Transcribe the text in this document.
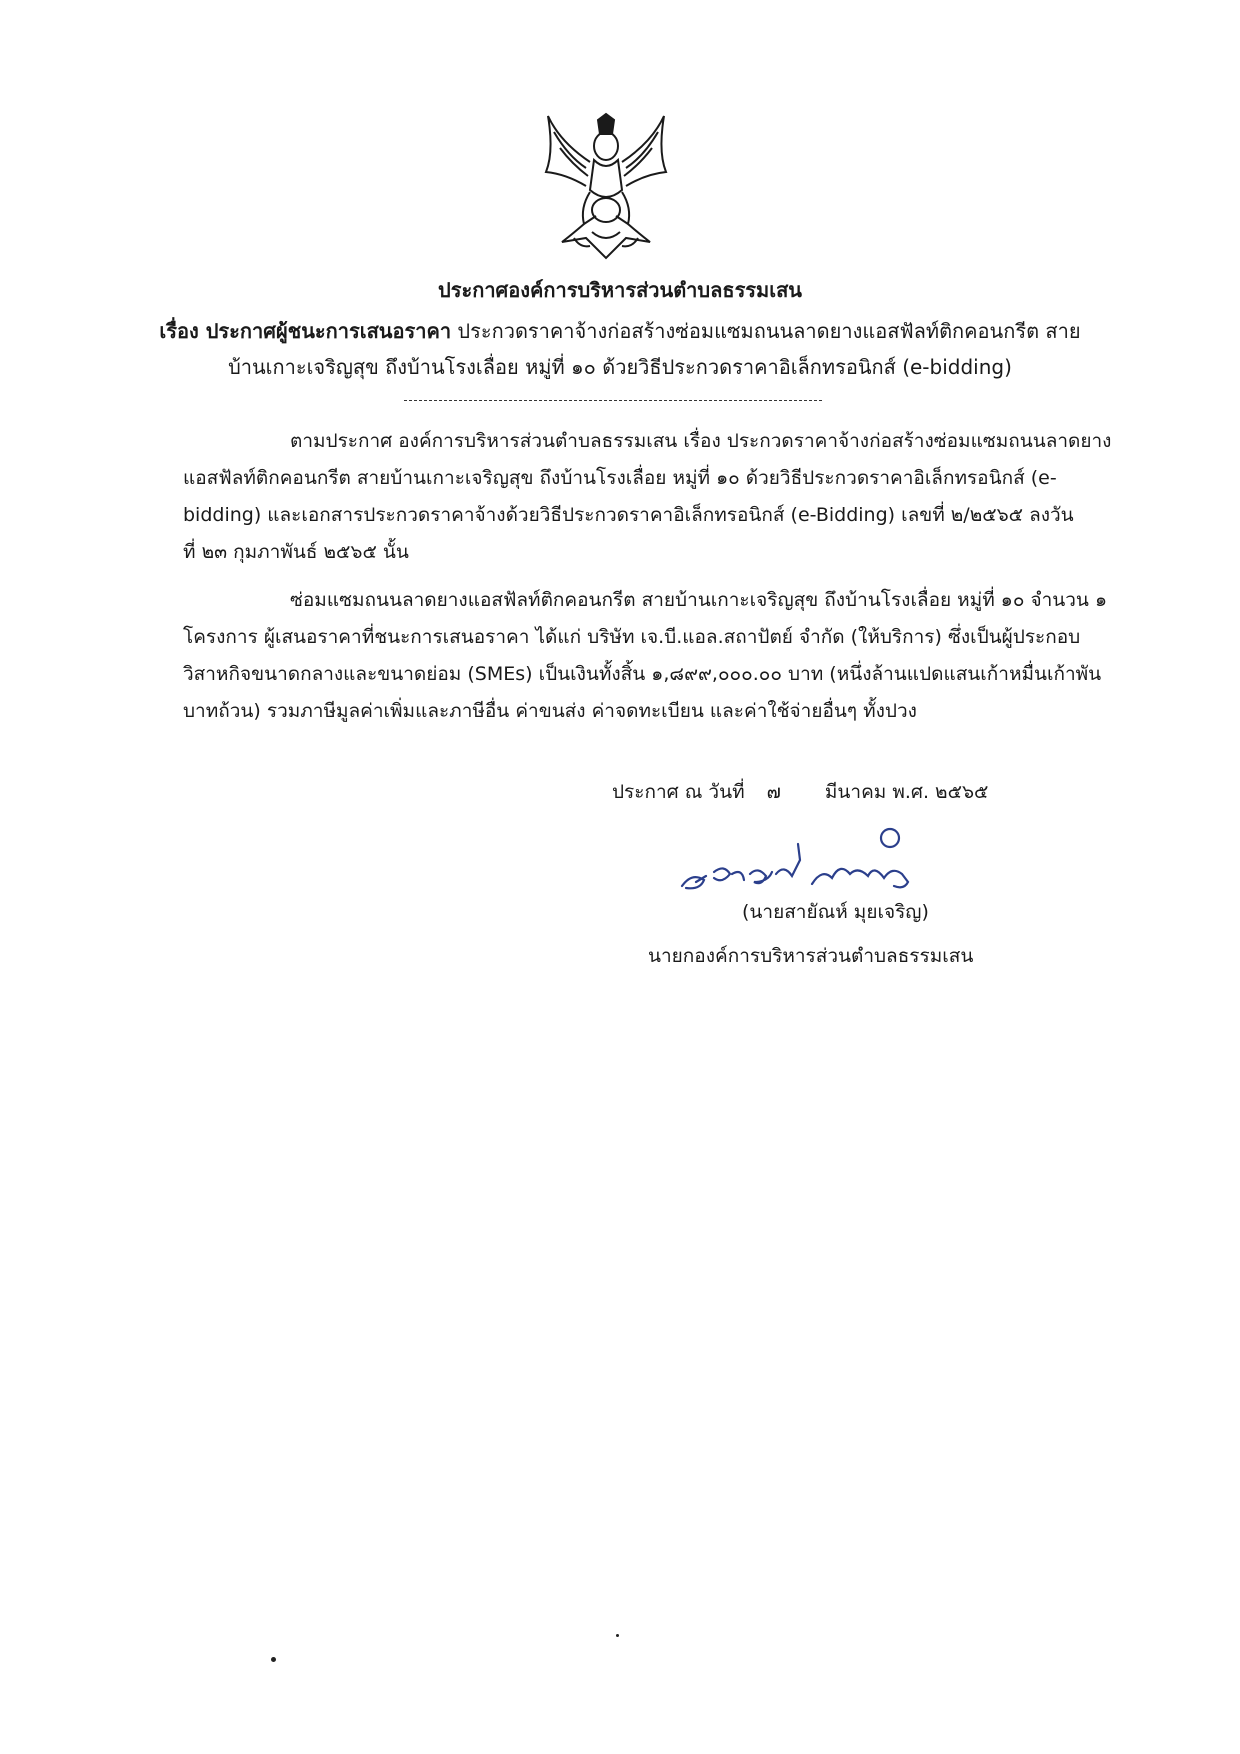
ประกาศองค์การบริหารส่วนตำบลธรรมเสน
เรื่อง ประกาศผู้ชนะการเสนอราคา ประกวดราคาจ้างก่อสร้างซ่อมแซมถนนลาดยางแอสฟัลท์ติกคอนกรีต สาย
บ้านเกาะเจริญสุข ถึงบ้านโรงเลื่อย หมู่ที่ ๑๐ ด้วยวิธีประกวดราคาอิเล็กทรอนิกส์ (e-bidding)
ตามประกาศ องค์การบริหารส่วนตำบลธรรมเสน เรื่อง ประกวดราคาจ้างก่อสร้างซ่อมแซมถนนลาดยาง
แอสฟัลท์ติกคอนกรีต สายบ้านเกาะเจริญสุข ถึงบ้านโรงเลื่อย หมู่ที่ ๑๐ ด้วยวิธีประกวดราคาอิเล็กทรอนิกส์ (e-
bidding) และเอกสารประกวดราคาจ้างด้วยวิธีประกวดราคาอิเล็กทรอนิกส์ (e-Bidding) เลขที่ ๒/๒๕๖๕ ลงวัน
ที่ ๒๓ กุมภาพันธ์ ๒๕๖๕ นั้น
ซ่อมแซมถนนลาดยางแอสฟัลท์ติกคอนกรีต สายบ้านเกาะเจริญสุข ถึงบ้านโรงเลื่อย หมู่ที่ ๑๐ จำนวน ๑
โครงการ ผู้เสนอราคาที่ชนะการเสนอราคา ได้แก่ บริษัท เจ.บี.แอล.สถาปัตย์ จำกัด (ให้บริการ) ซึ่งเป็นผู้ประกอบ
วิสาหกิจขนาดกลางและขนาดย่อม (SMEs) เป็นเงินทั้งสิ้น ๑,๘๙๙,๐๐๐.๐๐ บาท (หนึ่งล้านแปดแสนเก้าหมื่นเก้าพัน
บาทถ้วน) รวมภาษีมูลค่าเพิ่มและภาษีอื่น ค่าขนส่ง ค่าจดทะเบียน และค่าใช้จ่ายอื่นๆ ทั้งปวง
ประกาศ ณ วันที่ ๗ มีนาคม พ.ศ. ๒๕๖๕
(นายสายัณห์ มุยเจริญ)
นายกองค์การบริหารส่วนตำบลธรรมเสน
